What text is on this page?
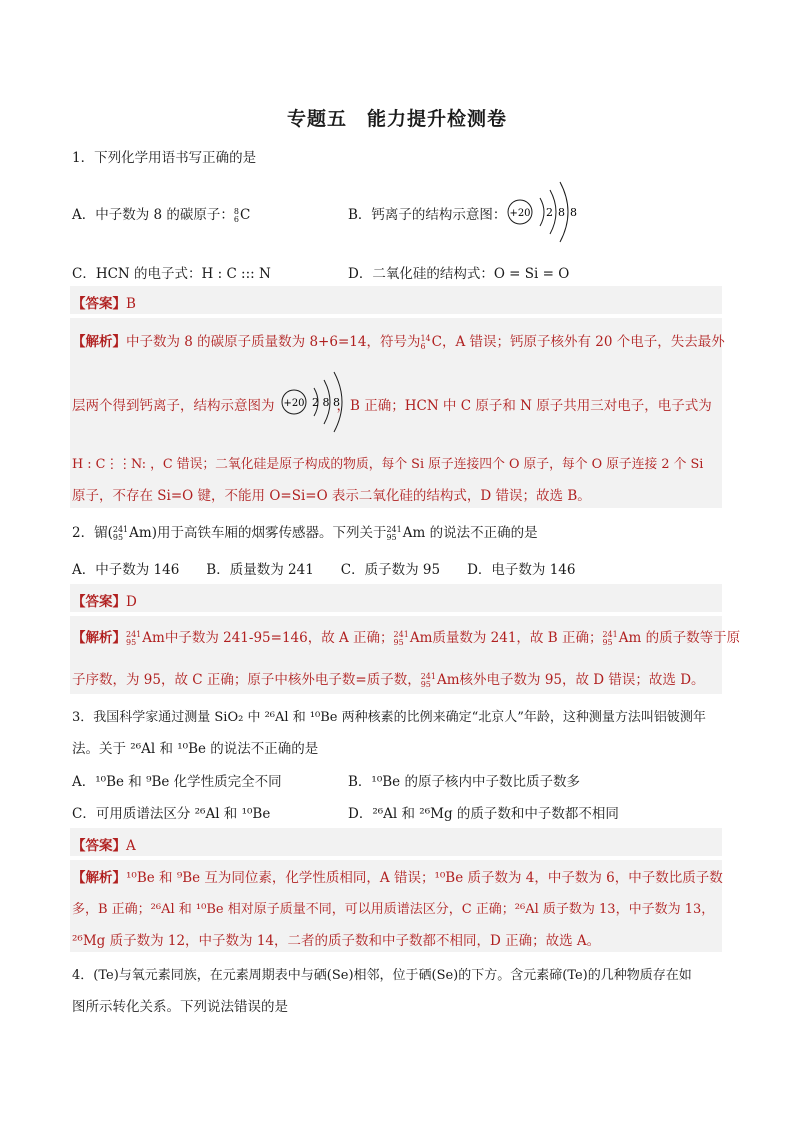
专题五　能力提升检测卷
1．下列化学用语书写正确的是
A．中子数为 8 的碳原子： 8
6 C	B．钙离子的结构示意图： +20 2 8 8
C．HCN 的电子式：H : C ::: N	D．二氧化硅的结构式：O = Si = O
【答案】B
【解析】中子数为 8 的碳原子质量数为 8+6=14，符号为 14
6 C，A 错误；钙原子核外有 20 个电子，失去最外
层两个得到钙离子，结构示意图为	，B 正确；HCN 中 C 原子和 N 原子共用三对电子，电子式为
+20 2 8 8
H : C⋮⋮N: ，C 错误；二氧化硅是原子构成的物质，每个 Si 原子连接四个 O 原子，每个 O 原子连接 2 个 Si
原子，不存在 Si=O 键，不能用 O=Si=O 表示二氧化硅的结构式，D 错误；故选 B。
2．镅( 241
95 Am)用于高铁车厢的烟雾传感器。下列关于 241
95 Am 的说法不正确的是
A．中子数为 146　　B．质量数为 241　　C．质子数为 95　　D．电子数为 146
【答案】D
【解析】 241
95 Am中子数为 241-95=146，故 A 正确； 241
95 Am质量数为 241，故 B 正确； 241
95 Am 的质子数等于原
子序数，为 95，故 C 正确；原子中核外电子数=质子数， 241
95 Am核外电子数为 95，故 D 错误；故选 D。
3．我国科学家通过测量 SiO₂ 中 ²⁶Al 和 ¹⁰Be 两种核素的比例来确定“北京人”年龄，这种测量方法叫铝铍测年
法。关于 ²⁶Al 和 ¹⁰Be 的说法不正确的是
A．¹⁰Be 和 ⁹Be 化学性质完全不同	B．¹⁰Be 的原子核内中子数比质子数多
C．可用质谱法区分 ²⁶Al 和 ¹⁰Be	D．²⁶Al 和 ²⁶Mg 的质子数和中子数都不相同
【答案】A
【解析】¹⁰Be 和 ⁹Be 互为同位素，化学性质相同，A 错误；¹⁰Be 质子数为 4，中子数为 6，中子数比质子数
多，B 正确；²⁶Al 和 ¹⁰Be 相对原子质量不同，可以用质谱法区分，C 正确；²⁶Al 质子数为 13，中子数为 13，
²⁶Mg 质子数为 12，中子数为 14，二者的质子数和中子数都不相同，D 正确；故选 A。
4．(Te)与氧元素同族，在元素周期表中与硒(Se)相邻，位于硒(Se)的下方。含元素碲(Te)的几种物质存在如
图所示转化关系。下列说法错误的是
